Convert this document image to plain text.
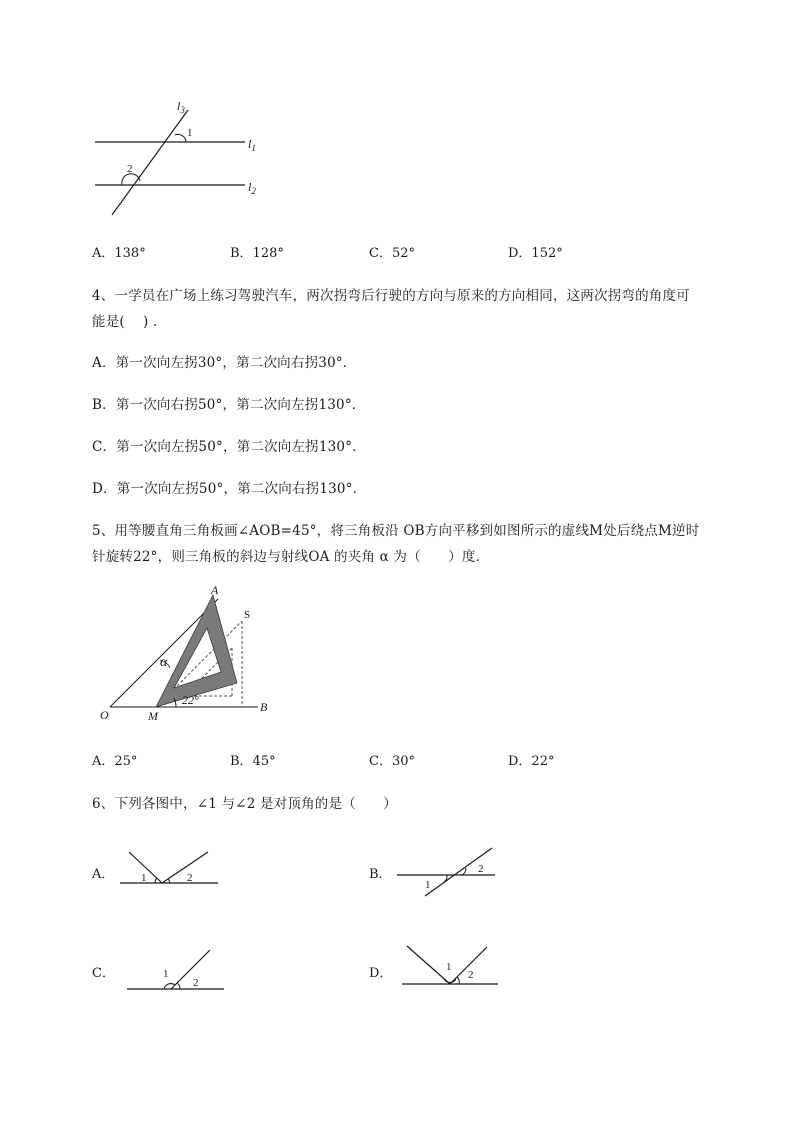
$l_3$
$l_1$
$l_2$
1
2
A．138°	B．128°	C．52°	D．152°
4、一学员在广场上练习驾驶汽车，两次拐弯后行驶的方向与原来的方向相同，这两次拐弯的角度可
能是(　 ) ．
A．第一次向左拐30°，第二次向右拐30°．
B．第一次向右拐50°，第二次向左拐130°．
C．第一次向左拐50°，第二次向左拐130°．
D．第一次向左拐50°，第二次向右拐130°．
5、用等腰直角三角板画∠AOB=45°，将三角板沿 OB方向平移到如图所示的虚线M处后绕点M逆时
针旋转22°，则三角板的斜边与射线OA 的夹角 α 为（　　）度．
A
S
α
22°
O	M
B
A．25°	B．45°	C．30°	D．22°
6、下列各图中，∠1 与∠2 是对顶角的是（　　）
A． 1	2	B．
1
2
C．	1
2
D．	1
2
